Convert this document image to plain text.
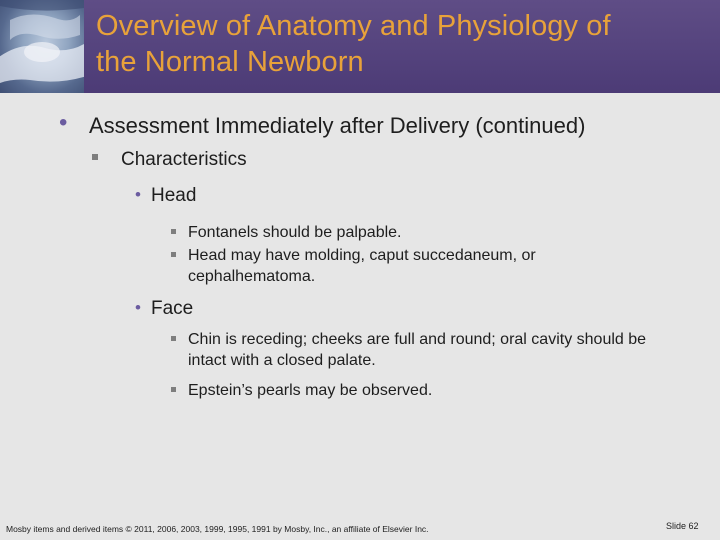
Overview of Anatomy and Physiology of
the Normal Newborn
• Assessment Immediately after Delivery (continued)
Characteristics
• Head
Fontanels should be palpable.
Head may have molding, caput succedaneum, or cephalhematoma.
• Face
Chin is receding; cheeks are full and round; oral cavity should be intact with a closed palate.
Epstein’s pearls may be observed.
Mosby items and derived items © 2011, 2006, 2003, 1999, 1995, 1991 by Mosby, Inc., an affiliate of Elsevier Inc.	Slide 62
